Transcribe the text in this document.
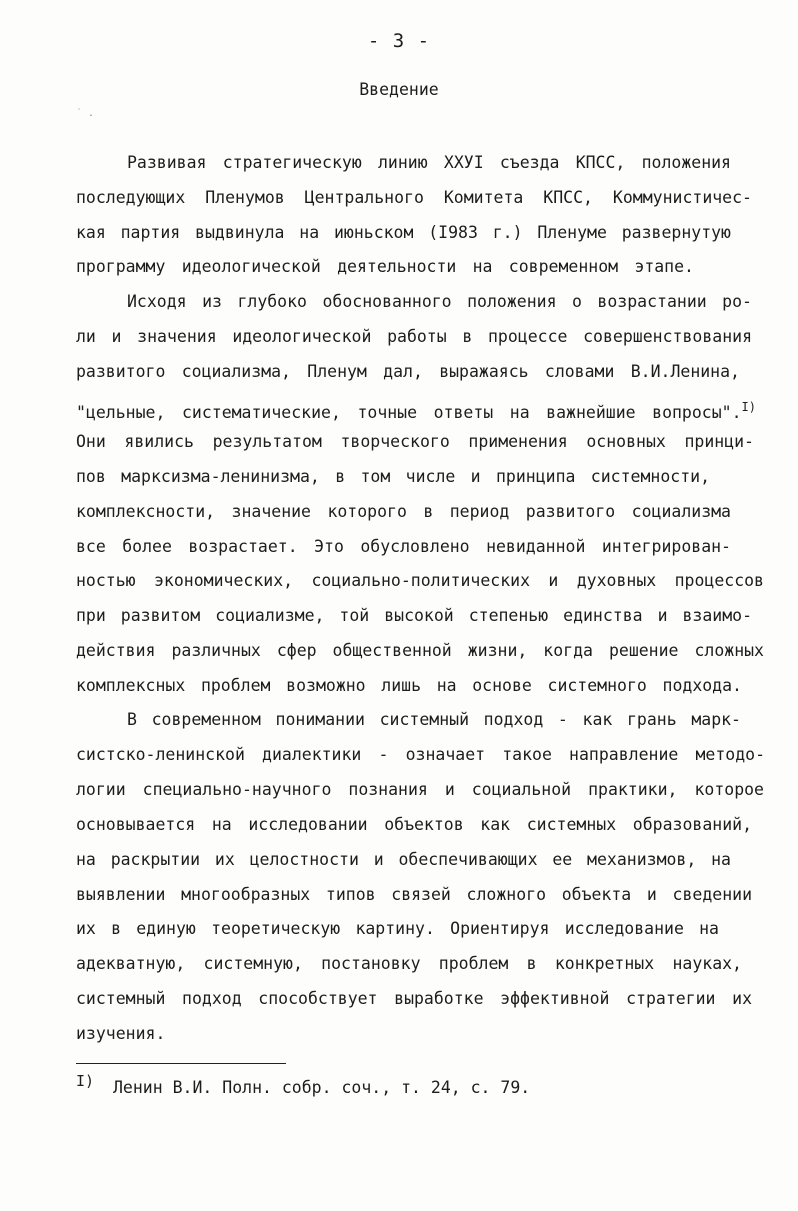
- 3 -
Введение
˙ .
Развивая стратегическую линию XXУI съезда КПСС, положения
последующих Пленумов Центрального Комитета КПСС, Коммунистичес-
кая партия выдвинула на июньском (I983 г.) Пленуме развернутую
программу идеологической деятельности на современном этапе.
Исходя из глубоко обоснованного положения о возрастании ро-
ли и значения идеологической работы в процессе совершенствования
развитого социализма, Пленум дал, выражаясь словами В.И.Ленина,
"цельные, систематические, точные ответы на важнейшие вопросы".$^{I)}$
Они явились результатом творческого применения основных принци-
пов марксизма-ленинизма, в том числе и принципа системности,
комплексности, значение которого в период развитого социализма
все более возрастает. Это обусловлено невиданной интегрирован-
ностью экономических, социально-политических и духовных процессов
при развитом социализме, той высокой степенью единства и взаимо-
действия различных сфер общественной жизни, когда решение сложных
комплексных проблем возможно лишь на основе системного подхода.
В современном понимании системный подход - как грань марк-
систско-ленинской диалектики - означает такое направление методо-
логии специально-научного познания и социальной практики, которое
основывается на исследовании объектов как системных образований,
на раскрытии их целостности и обеспечивающих ее механизмов, на
выявлении многообразных типов связей сложного объекта и сведении
их в единую теоретическую картину. Ориентируя исследование на
адекватную, системную, постановку проблем в конкретных науках,
системный подход способствует выработке эффективной стратегии их
изучения.
I) Ленин В.И. Полн. собр. соч., т. 24, с. 79.
